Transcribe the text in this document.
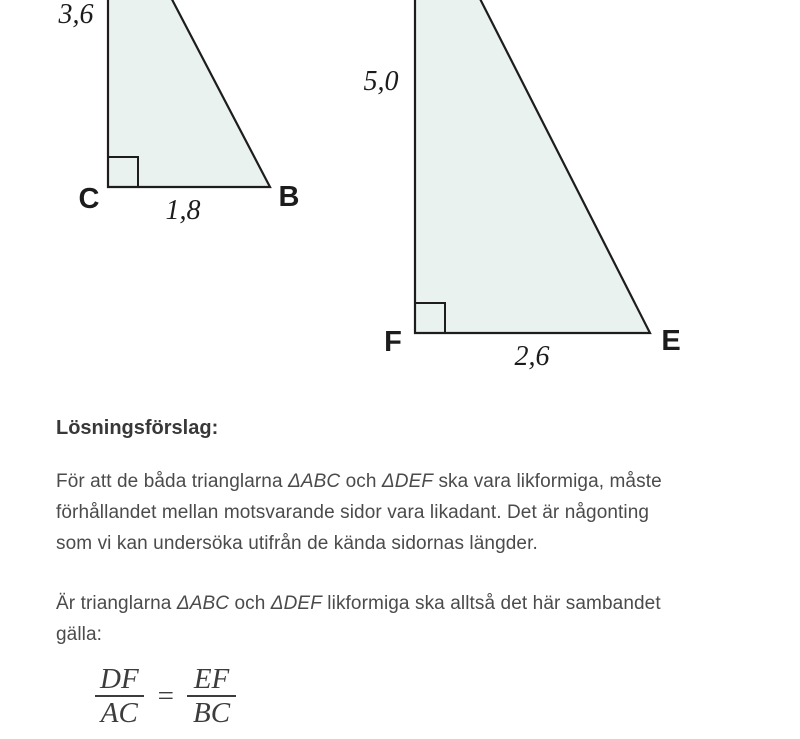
3,6
C	B
1,8
5,0
F	E
2,6
Lösningsförslag:
För att de båda trianglarna ΔABC och ΔDEF ska vara likformiga, måste
förhållandet mellan motsvarande sidor vara likadant. Det är någonting
som vi kan undersöka utifrån de kända sidornas längder.
Är trianglarna ΔABC och ΔDEF likformiga ska alltså det här sambandet
gälla:
$\frac{DF}{AC} = \frac{EF}{BC}$
